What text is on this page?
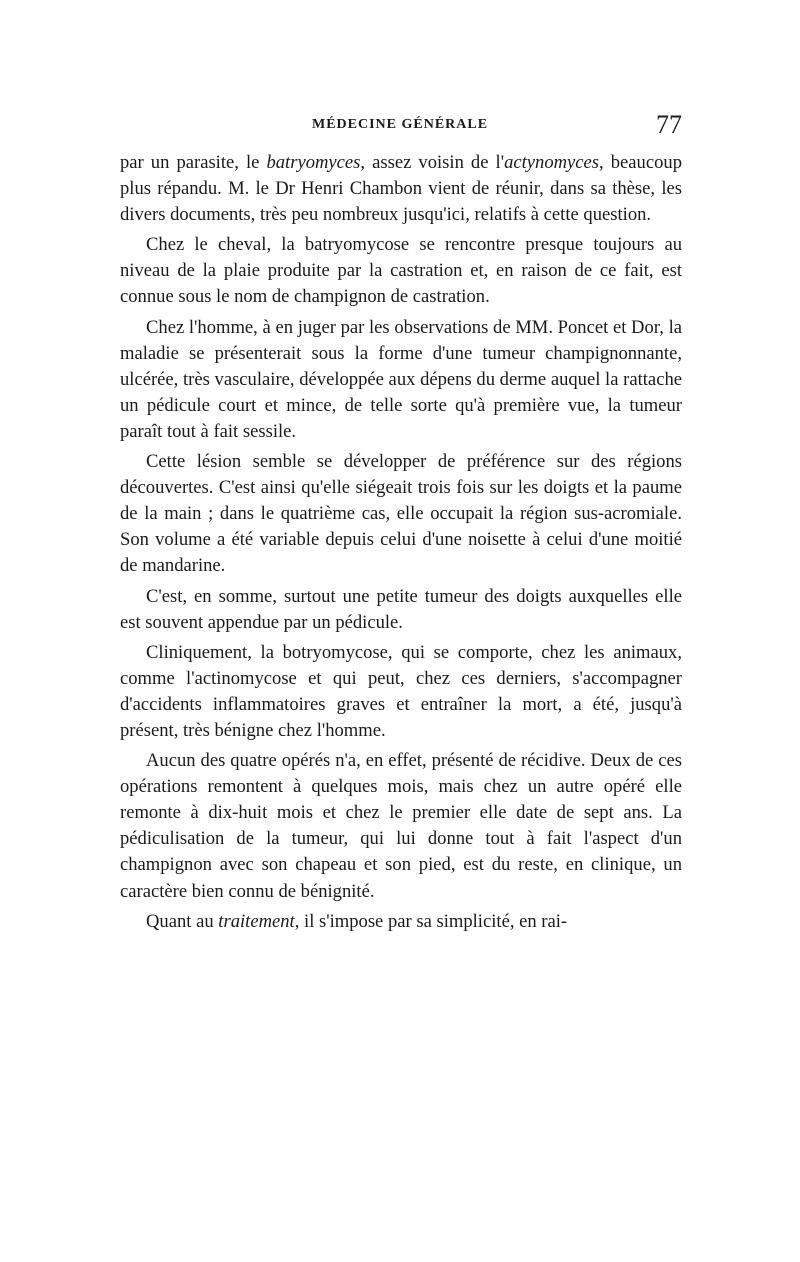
MÉDECINE GÉNÉRALE	77

par un parasite, le batryomyces, assez voisin de l'actynomyces, beaucoup plus répandu. M. le Dr Henri Chambon vient de réunir, dans sa thèse, les divers documents, très peu nombreux jusqu'ici, relatifs à cette question.

Chez le cheval, la batryomycose se rencontre presque toujours au niveau de la plaie produite par la castration et, en raison de ce fait, est connue sous le nom de champignon de castration.

Chez l'homme, à en juger par les observations de MM. Poncet et Dor, la maladie se présenterait sous la forme d'une tumeur champignonnante, ulcérée, très vasculaire, développée aux dépens du derme auquel la rattache un pédicule court et mince, de telle sorte qu'à première vue, la tumeur paraît tout à fait sessile.

Cette lésion semble se développer de préférence sur des régions découvertes. C'est ainsi qu'elle siégeait trois fois sur les doigts et la paume de la main ; dans le quatrième cas, elle occupait la région sus-acromiale. Son volume a été variable depuis celui d'une noisette à celui d'une moitié de mandarine.

C'est, en somme, surtout une petite tumeur des doigts auxquelles elle est souvent appendue par un pédicule.

Cliniquement, la botryomycose, qui se comporte, chez les animaux, comme l'actinomycose et qui peut, chez ces derniers, s'accompagner d'accidents inflammatoires graves et entraîner la mort, a été, jusqu'à présent, très bénigne chez l'homme.

Aucun des quatre opérés n'a, en effet, présenté de récidive. Deux de ces opérations remontent à quelques mois, mais chez un autre opéré elle remonte à dix-huit mois et chez le premier elle date de sept ans. La pédiculisation de la tumeur, qui lui donne tout à fait l'aspect d'un champignon avec son chapeau et son pied, est du reste, en clinique, un caractère bien connu de bénignité.

Quant au traitement, il s'impose par sa simplicité, en rai-
